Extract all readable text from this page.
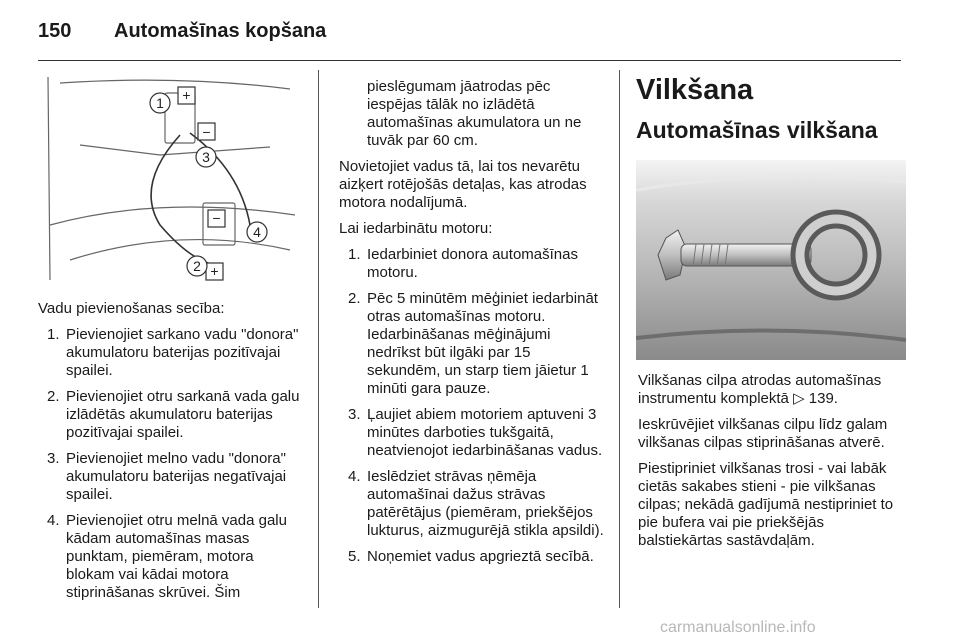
150 Automašīnas kopšana
+
−
−
+
1
2
3
4

Vadu pievienošanas secība:

1. Pievienojiet sarkano vadu "donora" akumulatoru baterijas pozitīvajai spailei.
2. Pievienojiet otru sarkanā vada galu izlādētās akumulatoru baterijas pozitīvajai spailei.
3. Pievienojiet melno vadu "donora" akumulatoru baterijas negatīvajai spailei.
4. Pievienojiet otru melnā vada galu kādam automašīnas masas punktam, piemēram, motora blokam vai kādai motora stiprināšanas skrūvei. Šim
pieslēgumam jāatrodas pēc iespējas tālāk no izlādētā automašīnas akumulatora un ne tuvāk par 60 cm.

Novietojiet vadus tā, lai tos nevarētu aizķert rotējošās detaļas, kas atrodas motora nodalījumā.

Lai iedarbinātu motoru:

1. Iedarbiniet donora automašīnas motoru.
2. Pēc 5 minūtēm mēģiniet iedarbināt otras automašīnas motoru. Iedarbināšanas mēģinājumi nedrīkst būt ilgāki par 15 sekundēm, un starp tiem jāietur 1 minūti gara pauze.
3. Ļaujiet abiem motoriem aptuveni 3 minūtes darboties tukšgaitā, neatvienojot iedarbināšanas vadus.
4. Ieslēdziet strāvas ņēmēja automašīnai dažus strāvas patērētājus (piemēram, priekšējos lukturus, aizmugurējā stikla apsildi).
5. Noņemiet vadus apgrieztā secībā.
Vilkšana
Automašīnas vilkšana

Vilkšanas cilpa atrodas automašīnas instrumentu komplektā ▷ 139.

Ieskrūvējiet vilkšanas cilpu līdz galam vilkšanas cilpas stiprināšanas atverē.

Piestipriniet vilkšanas trosi - vai labāk cietās sakabes stieni - pie vilkšanas cilpas; nekādā gadījumā nestipriniet to pie bufera vai pie priekšējās balstiekārtas sastāvdaļām.

carmanualsonline.info
